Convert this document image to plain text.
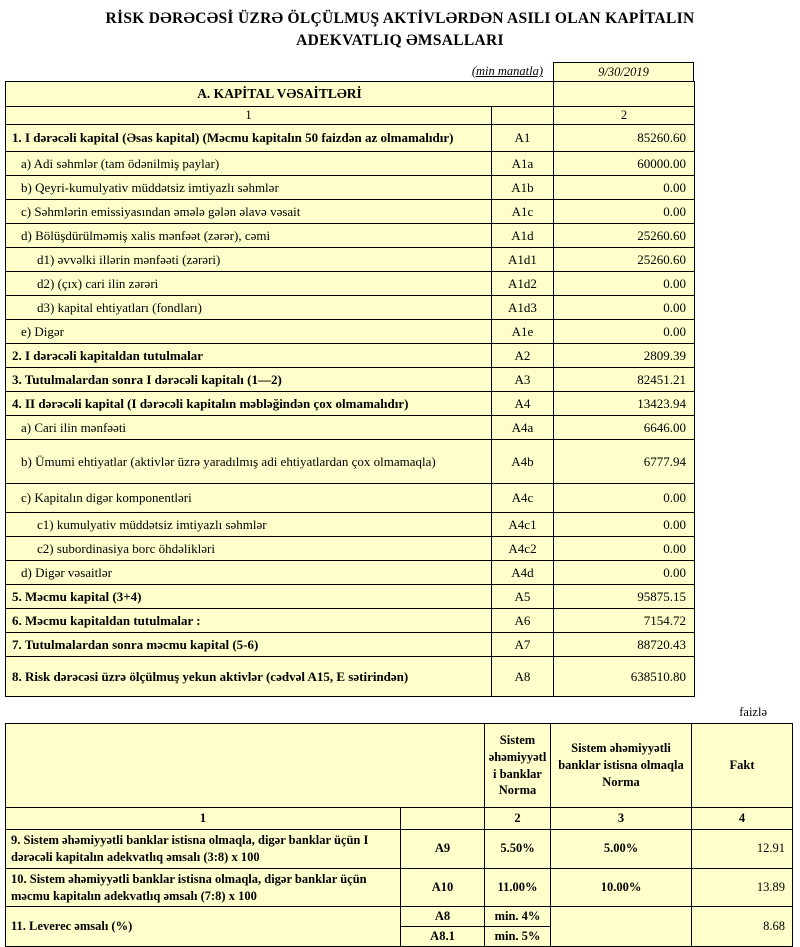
RİSK DƏRƏCƏSİ ÜZRƏ ÖLÇÜLMUŞ AKTİVLƏRDƏN ASILI OLAN KAPİTALIN
ADEKVATLIQ ƏMSALLARI
(min manatla)	9/30/2019
A. KAPİTAL VƏSAİTLƏRİ		
1		2
1. I dərəcəli kapital (Əsas kapital) (Məcmu kapitalın 50 faizdən az olmamalıdır)	A1	85260.60
a) Adi səhmlər (tam ödənilmiş paylar)	A1a	60000.00
b) Qeyri-kumulyativ müddətsiz imtiyazlı səhmlər	A1b	0.00
c) Səhmlərin emissiyasından əmələ gələn əlavə vəsait	A1c	0.00
d) Bölüşdürülməmiş xalis mənfəət (zərər), cəmi	A1d	25260.60
d1) əvvəlki illərin mənfəəti (zərəri)	A1d1	25260.60
d2) (çıx) cari ilin zərəri	A1d2	0.00
d3) kapital ehtiyatları (fondları)	A1d3	0.00
e) Digər	A1e	0.00
2. I dərəcəli kapitaldan tutulmalar	A2	2809.39
3. Tutulmalardan sonra I dərəcəli kapitalı (1—2)	A3	82451.21
4. II dərəcəli kapital (I dərəcəli kapitalın məbləğindən çox olmamalıdır)	A4	13423.94
a) Cari ilin mənfəəti	A4a	6646.00
b) Ümumi ehtiyatlar (aktivlər üzrə yaradılmış adi ehtiyatlardan çox olmamaqla)	A4b	6777.94
c) Kapitalın digər komponentləri	A4c	0.00
c1) kumulyativ müddətsiz imtiyazlı səhmlər	A4c1	0.00
c2) subordinasiya borc öhdəlikləri	A4c2	0.00
d) Digər vəsaitlər	A4d	0.00
5. Məcmu kapital (3+4)	A5	95875.15
6. Məcmu kapitaldan tutulmalar :	A6	7154.72
7. Tutulmalardan sonra məcmu kapital (5-6)	A7	88720.43
8. Risk dərəcəsi üzrə ölçülmuş yekun aktivlər (cədvəl A15, E sətirindən)	A8	638510.80
faizlə
		Sistem əhəmiyyətli banklar Norma	Sistem əhəmiyyətli banklar istisna olmaqla Norma	Fakt
1		2	3	4
9. Sistem əhəmiyyətli banklar istisna olmaqla, digər banklar üçün I dərəcəli kapitalın adekvatlıq əmsalı (3:8) x 100	A9	5.50%	5.00%	12.91
10. Sistem əhəmiyyətli banklar istisna olmaqla, digər banklar üçün məcmu kapitalın adekvatlıq əmsalı (7:8) x 100	A10	11.00%	10.00%	13.89
11. Leverec əmsalı (%)	A8	min. 4%		8.68
	A8.1	min. 5%		
